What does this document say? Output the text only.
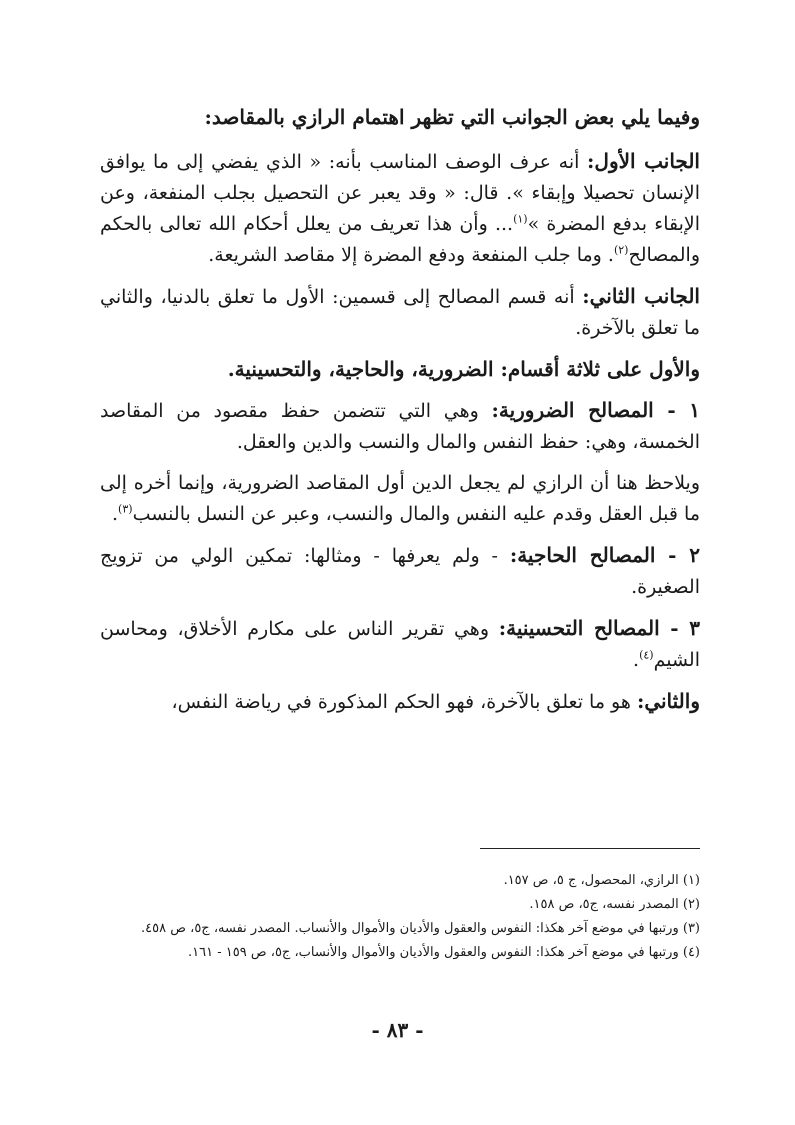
وفيما يلي بعض الجوانب التي تظهر اهتمام الرازي بالمقاصد:

الجانب الأول: أنه عرف الوصف المناسب بأنه: « الذي يفضي إلى ما يوافق الإنسان تحصيلا وإبقاء ». قال: « وقد يعبر عن التحصيل بجلب المنفعة، وعن الإبقاء بدفع المضرة »$^{(١)}$... وأن هذا تعريف من يعلل أحكام الله تعالى بالحكم والمصالح$^{(٢)}$. وما جلب المنفعة ودفع المضرة إلا مقاصد الشريعة.

الجانب الثاني: أنه قسم المصالح إلى قسمين: الأول ما تعلق بالدنيا، والثاني ما تعلق بالآخرة.

والأول على ثلاثة أقسام: الضرورية، والحاجية، والتحسينية.

١ - المصالح الضرورية: وهي التي تتضمن حفظ مقصود من المقاصد الخمسة، وهي: حفظ النفس والمال والنسب والدين والعقل.

ويلاحظ هنا أن الرازي لم يجعل الدين أول المقاصد الضرورية، وإنما أخره إلى ما قبل العقل وقدم عليه النفس والمال والنسب، وعبر عن النسل بالنسب$^{(٣)}$.

٢ - المصالح الحاجية: - ولم يعرفها - ومثالها: تمكين الولي من تزويج الصغيرة.

٣ - المصالح التحسينية: وهي تقرير الناس على مكارم الأخلاق، ومحاسن الشيم$^{(٤)}$.

والثاني: هو ما تعلق بالآخرة، فهو الحكم المذكورة في رياضة النفس،

(١) الرازي، المحصول، ج ٥، ص ١٥٧.

(٢) المصدر نفسه، ج٥، ص ١٥٨.

(٣) ورتبها في موضع آخر هكذا: النفوس والعقول والأديان والأموال والأنساب. المصدر نفسه، ج٥، ص ٤٥٨.

(٤) ورتبها في موضع آخر هكذا: النفوس والعقول والأديان والأموال والأنساب، ج٥، ص ١٥٩ - ١٦١.

- ٨٣ -
